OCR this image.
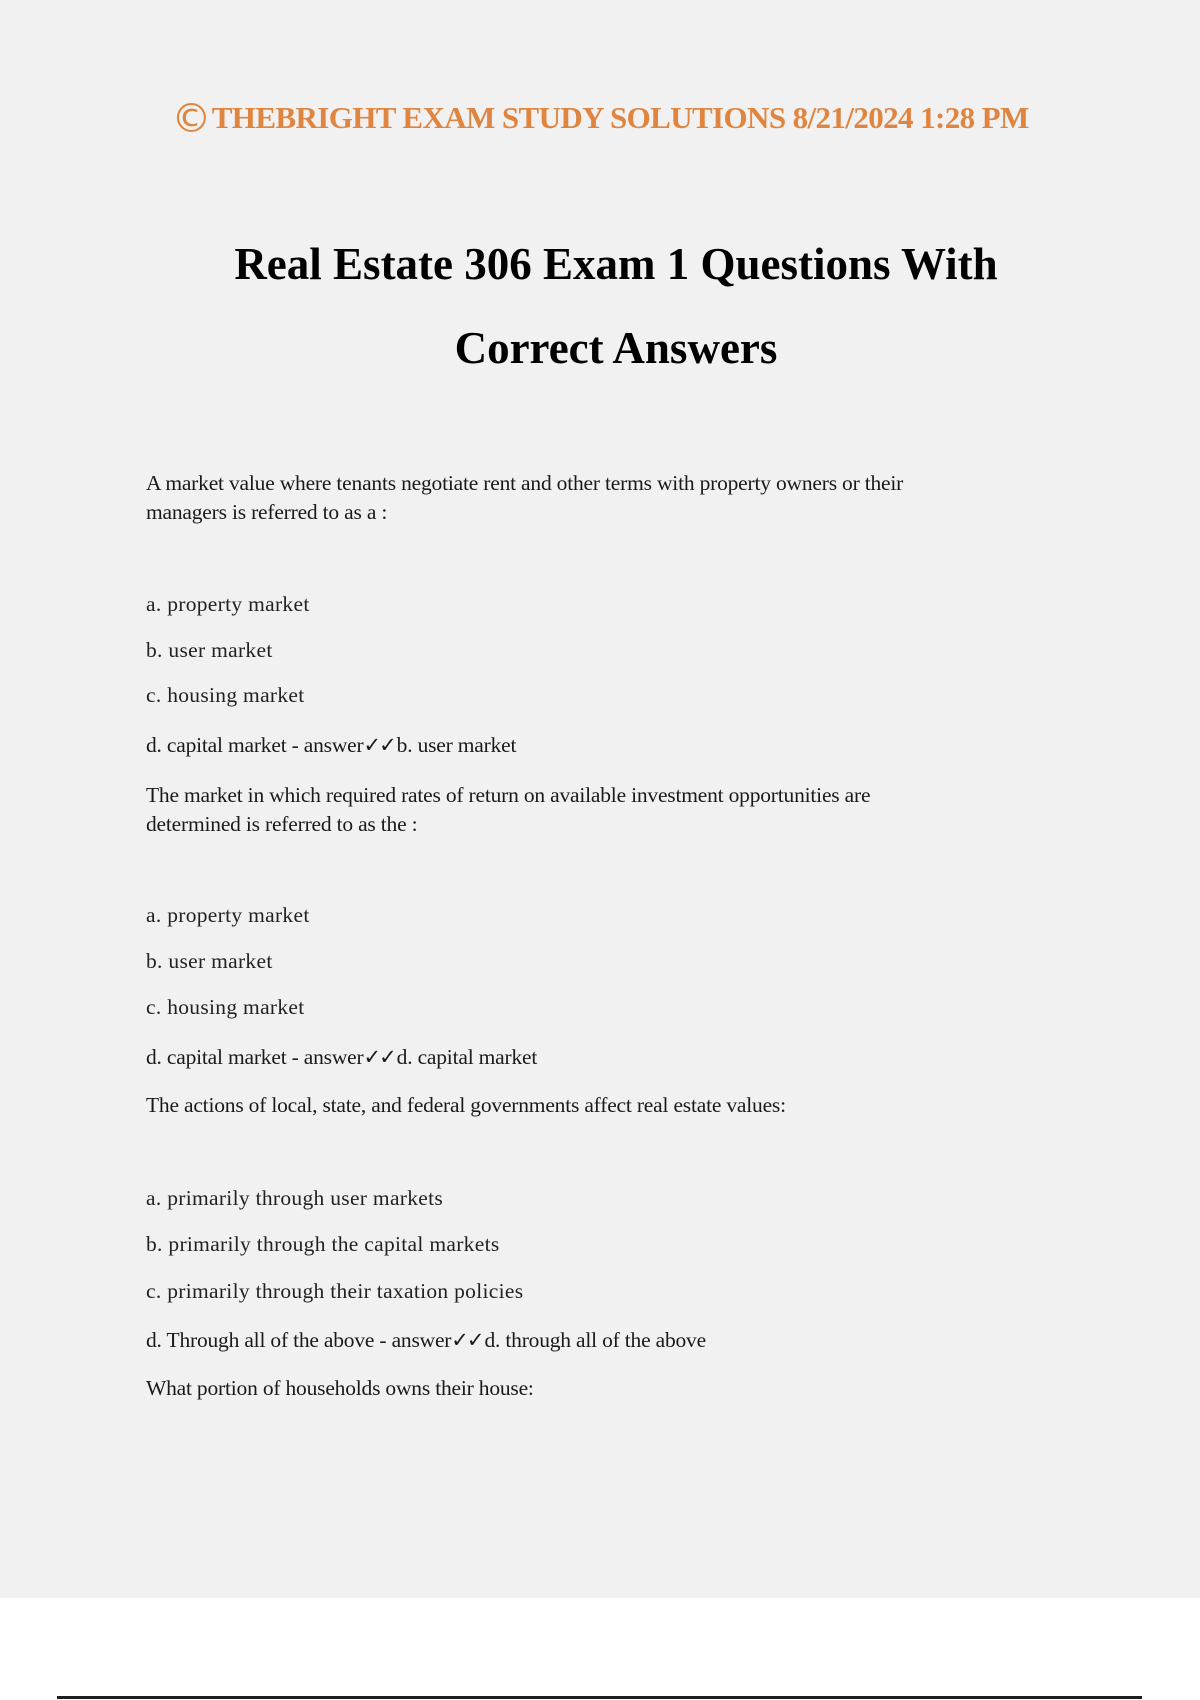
©THEBRIGHT EXAM STUDY SOLUTIONS 8/21/2024 1:28 PM
Real Estate 306 Exam 1 Questions With
Correct Answers
A market value where tenants negotiate rent and other terms with property owners or their
managers is referred to as a :
a. property market
b. user market
c. housing market
d. capital market - answer✓✓b. user market
The market in which required rates of return on available investment opportunities are
determined is referred to as the :
a. property market
b. user market
c. housing market
d. capital market - answer✓✓d. capital market
The actions of local, state, and federal governments affect real estate values:
a. primarily through user markets
b. primarily through the capital markets
c. primarily through their taxation policies
d. Through all of the above - answer✓✓d. through all of the above
What portion of households owns their house:
